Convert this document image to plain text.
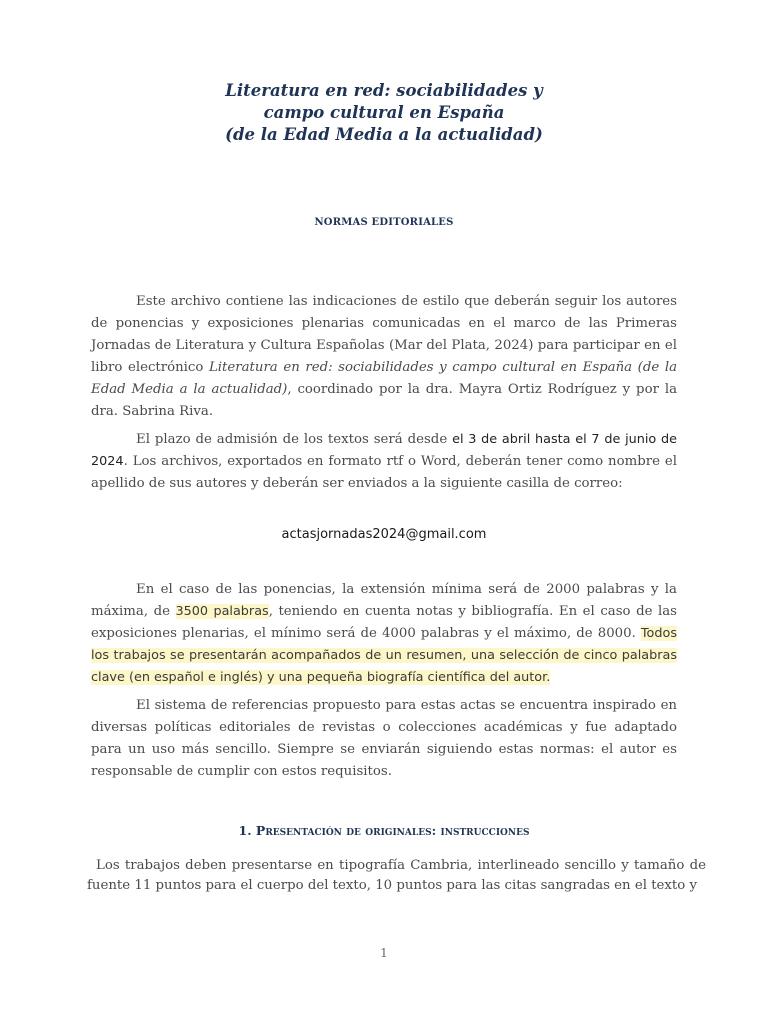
Literatura en red: sociabilidades y
campo cultural en España
(de la Edad Media a la actualidad)
NORMAS EDITORIALES

Este archivo contiene las indicaciones de estilo que deberán seguir los autores de ponencias y exposiciones plenarias comunicadas en el marco de las Primeras Jornadas de Literatura y Cultura Españolas (Mar del Plata, 2024) para participar en el libro electrónico Literatura en red: sociabilidades y campo cultural en España (de la Edad Media a la actualidad), coordinado por la dra. Mayra Ortiz Rodríguez y por la dra. Sabrina Riva.

El plazo de admisión de los textos será desde el 3 de abril hasta el 7 de junio de 2024. Los archivos, exportados en formato rtf o Word, deberán tener como nombre el apellido de sus autores y deberán ser enviados a la siguiente casilla de correo:

actasjornadas2024@gmail.com

En el caso de las ponencias, la extensión mínima será de 2000 palabras y la máxima, de 3500 palabras, teniendo en cuenta notas y bibliografía. En el caso de las exposiciones plenarias, el mínimo será de 4000 palabras y el máximo, de 8000. Todos los trabajos se presentarán acompañados de un resumen, una selección de cinco palabras clave (en español e inglés) y una pequeña biografía científica del autor.

El sistema de referencias propuesto para estas actas se encuentra inspirado en diversas políticas editoriales de revistas o colecciones académicas y fue adaptado para un uso más sencillo. Siempre se enviarán siguiendo estas normas: el autor es responsable de cumplir con estos requisitos.

1. Presentación de originales: instrucciones

Los trabajos deben presentarse en tipografía Cambria, interlineado sencillo y tamaño de fuente 11 puntos para el cuerpo del texto, 10 puntos para las citas sangradas en el texto y

1
